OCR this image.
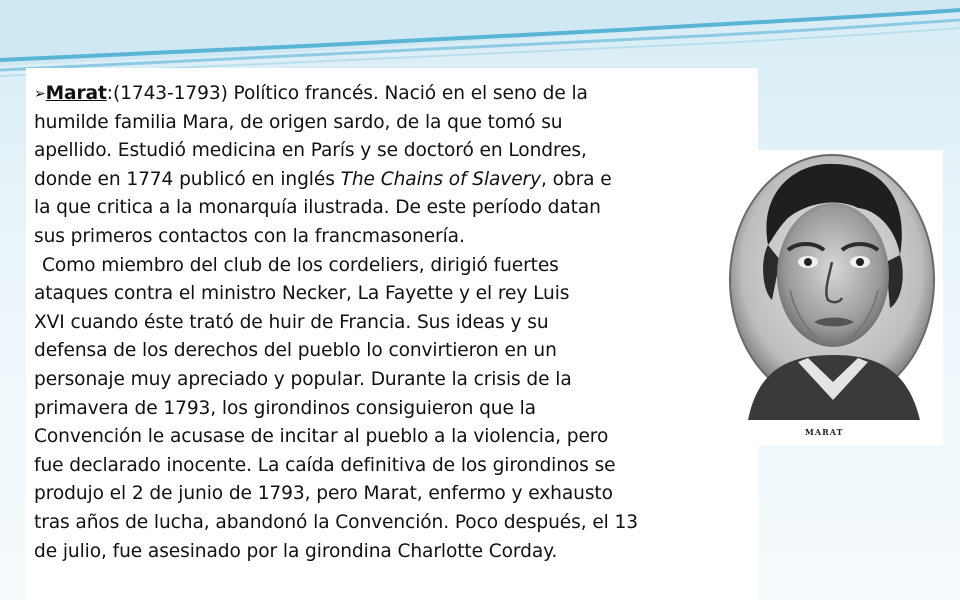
MARAT

➢Marat:(1743-1793) Político francés. Nació en el seno de la
humilde familia Mara, de origen sardo, de la que tomó su
apellido. Estudió medicina en París y se doctoró en Londres,
donde en 1774 publicó en inglés The Chains of Slavery, obra e
la que critica a la monarquía ilustrada. De este período datan
sus primeros contactos con la francmasonería.

Como miembro del club de los cordeliers, dirigió fuertes
ataques contra el ministro Necker, La Fayette y el rey Luis
XVI cuando éste trató de huir de Francia. Sus ideas y su
defensa de los derechos del pueblo lo convirtieron en un
personaje muy apreciado y popular. Durante la crisis de la
primavera de 1793, los girondinos consiguieron que la
Convención le acusase de incitar al pueblo a la violencia, pero
fue declarado inocente. La caída definitiva de los girondinos se
produjo el 2 de junio de 1793, pero Marat, enfermo y exhausto
tras años de lucha, abandonó la Convención. Poco después, el 13
de julio, fue asesinado por la girondina Charlotte Corday.
